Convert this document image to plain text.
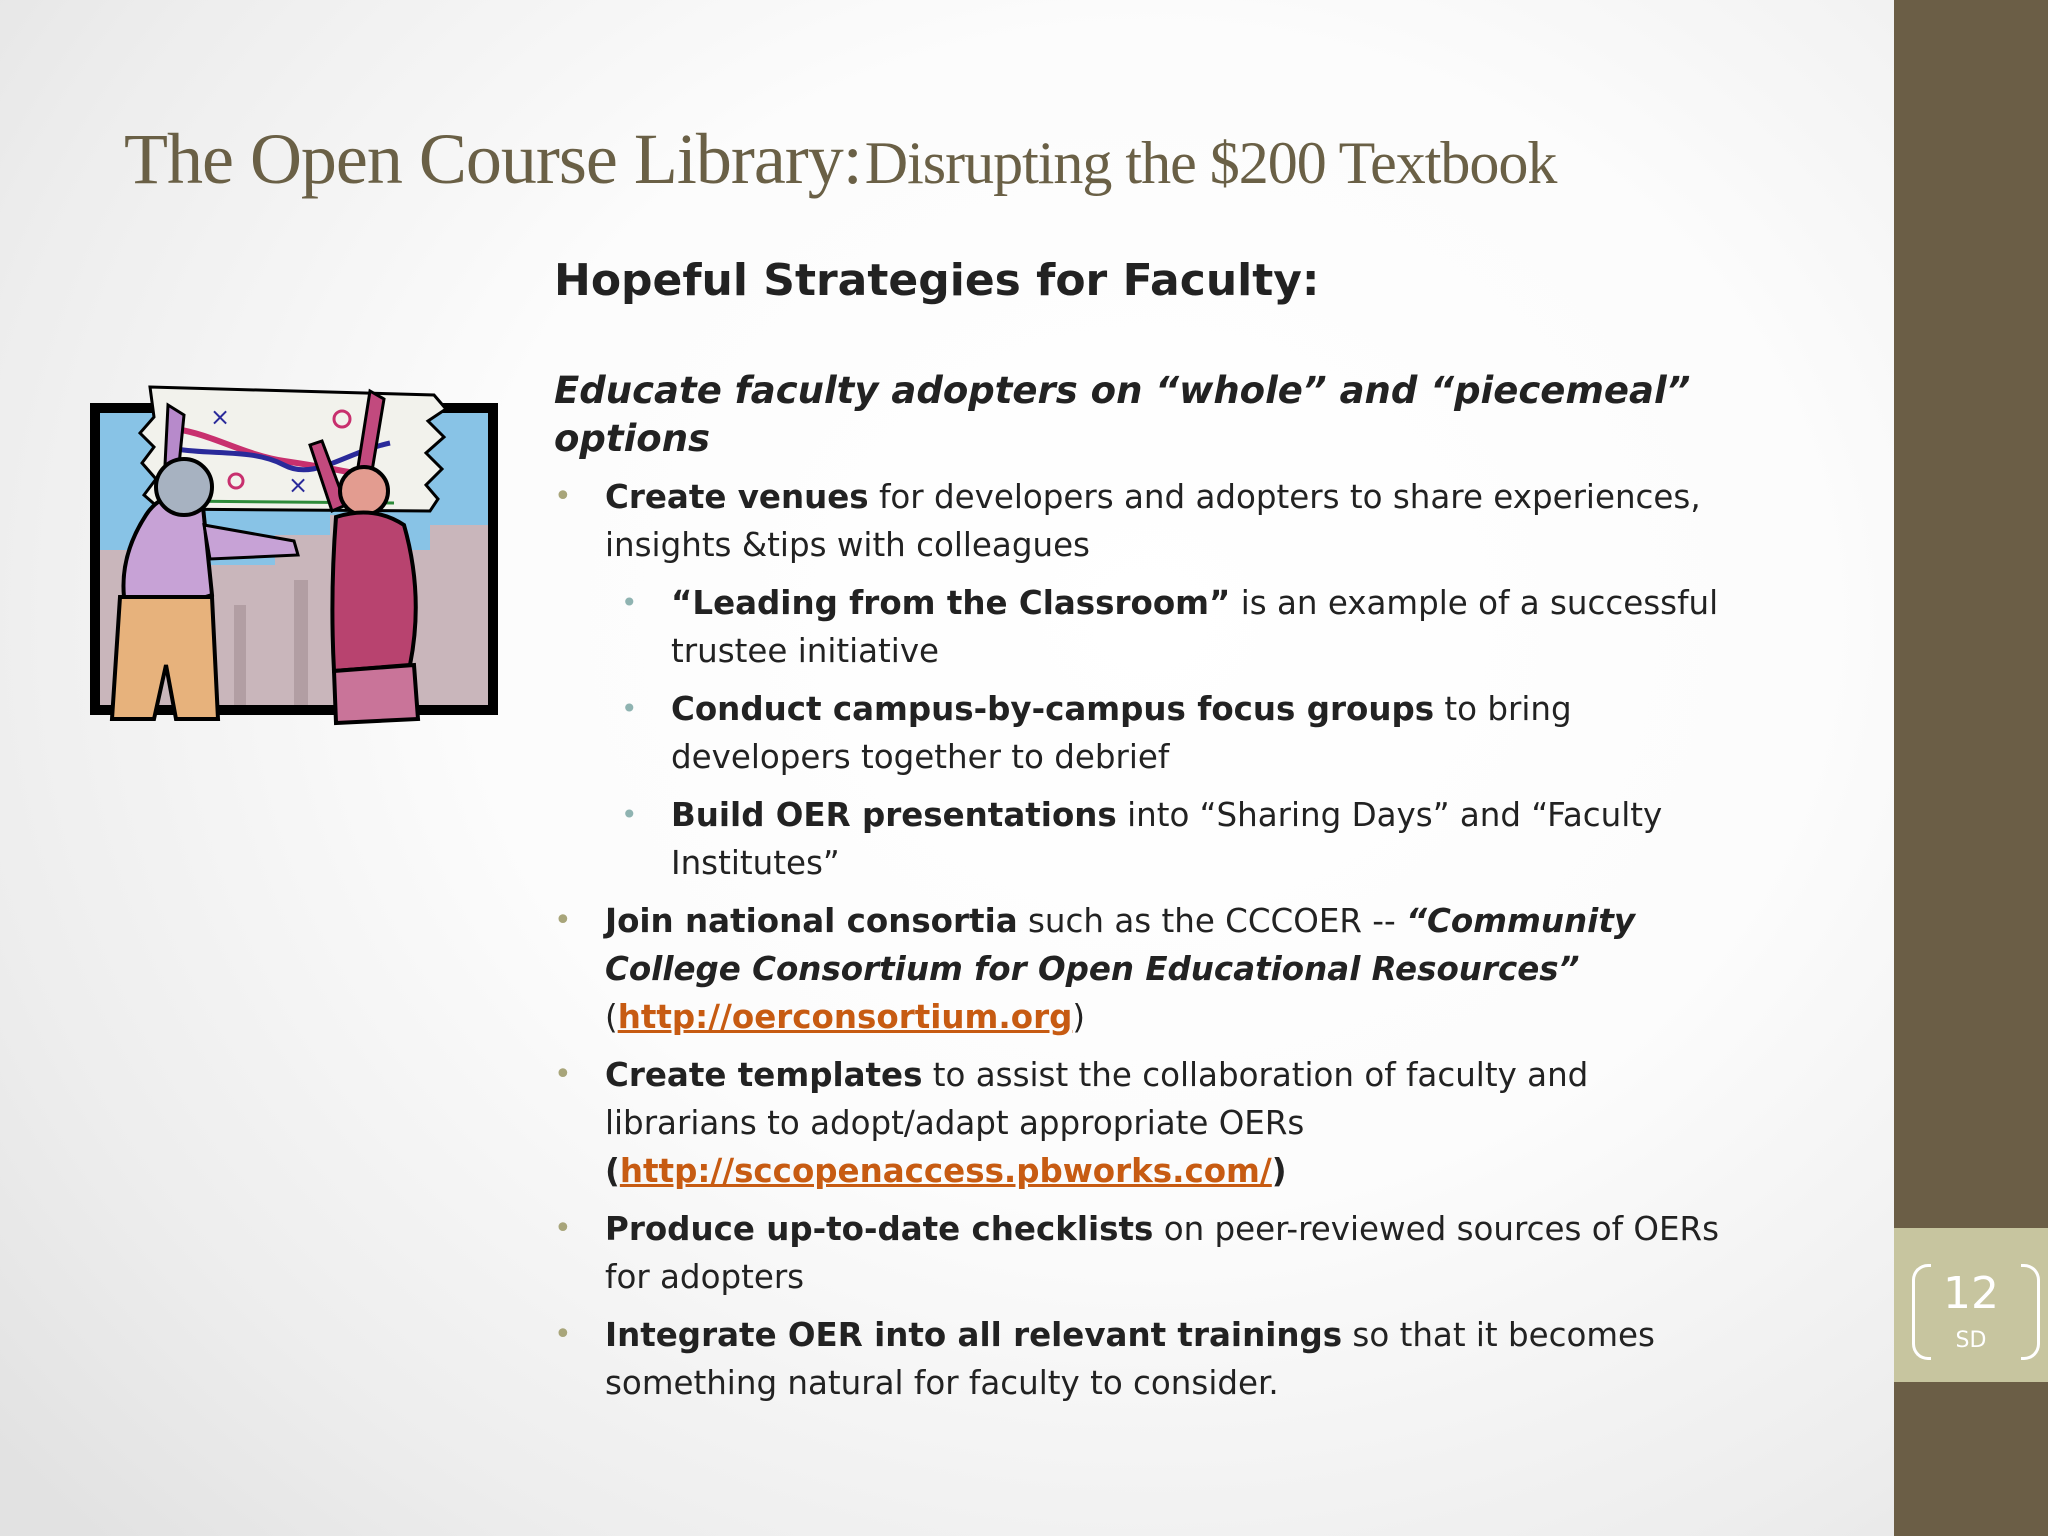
12
SD
The Open Course Library: Disrupting the $200 Textbook
×
×
Hopeful Strategies for Faculty:
Educate faculty adopters on “whole” and “piecemeal” options
• Create venues for developers and adopters to share experiences, insights &tips with colleagues
• “Leading from the Classroom” is an example of a successful trustee initiative
• Conduct campus-by-campus focus groups to bring developers together to debrief
• Build OER presentations into “Sharing Days” and “Faculty Institutes”
• Join national consortia such as the CCCOER -- “Community College Consortium for Open Educational Resources” (http://oerconsortium.org)
• Create templates to assist the collaboration of faculty and librarians to adopt/adapt appropriate OERs (http://sccopenaccess.pbworks.com/)
• Produce up-to-date checklists on peer-reviewed sources of OERs for adopters
• Integrate OER into all relevant trainings so that it becomes something natural for faculty to consider.
